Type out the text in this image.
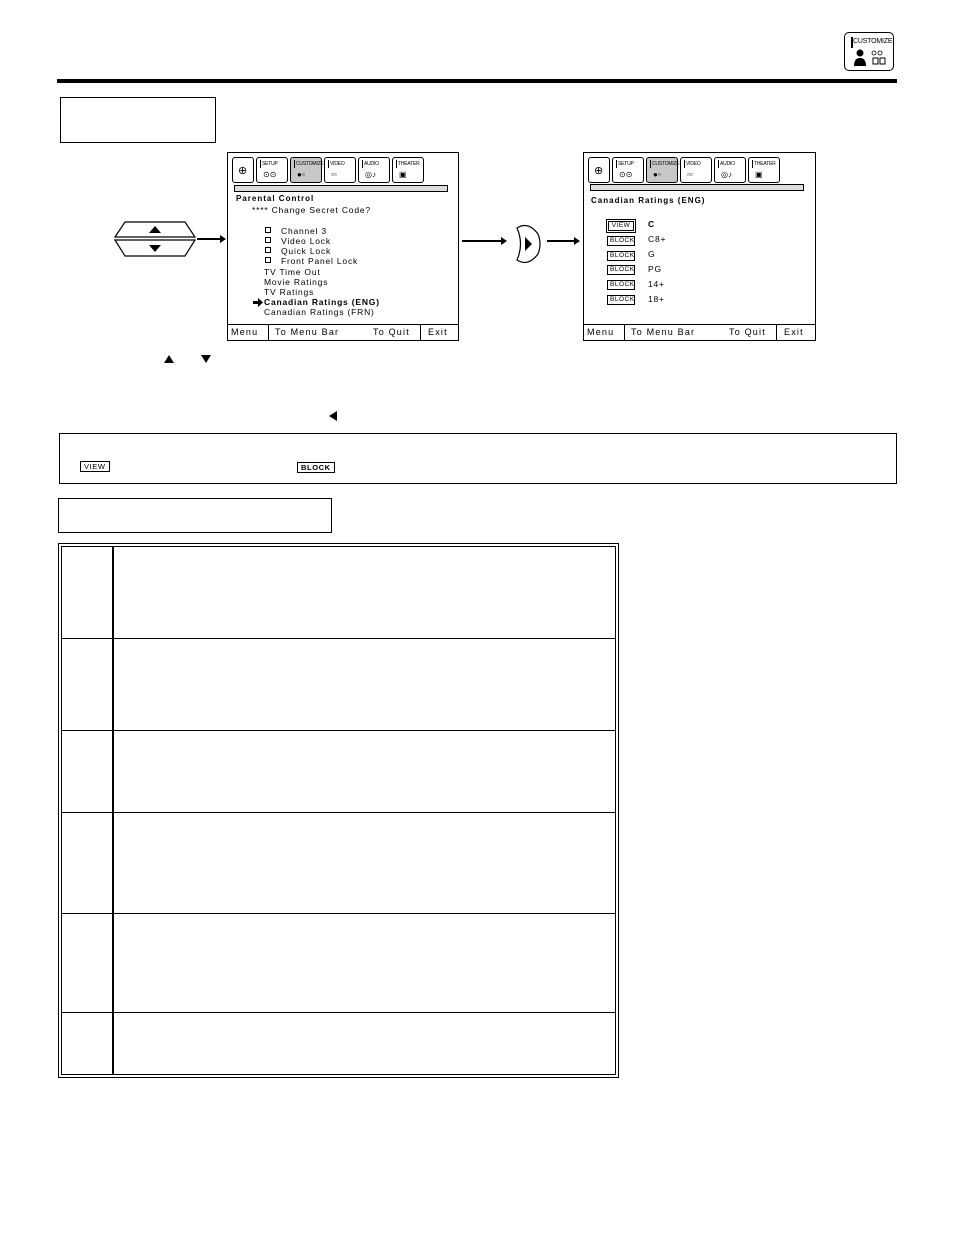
CUSTOMIZE
⊕
SETUP
⊙⊙
CUSTOMIZE
●▫
VIDEO
▫▫
AUDIO
◎♪
THEATER
▣
Parental Control
**** Change Secret Code?
Channel 3
Video Lock
Quick Lock
Front Panel Lock
TV Time Out
Movie Ratings
TV Ratings
Canadian Ratings (ENG)
Canadian Ratings (FRN)
Menu To Menu Bar	To Quit Exit
⊕
SETUP
⊙⊙
CUSTOMIZE
●▫
VIDEO
▫▫
AUDIO
◎♪
THEATER
▣
Canadian Ratings (ENG)
VIEW	C
BLOCK C8+
BLOCK G
BLOCK PG
BLOCK 14+
BLOCK 18+
Menu To Menu Bar	To Quit Exit
VIEW	BLOCK
